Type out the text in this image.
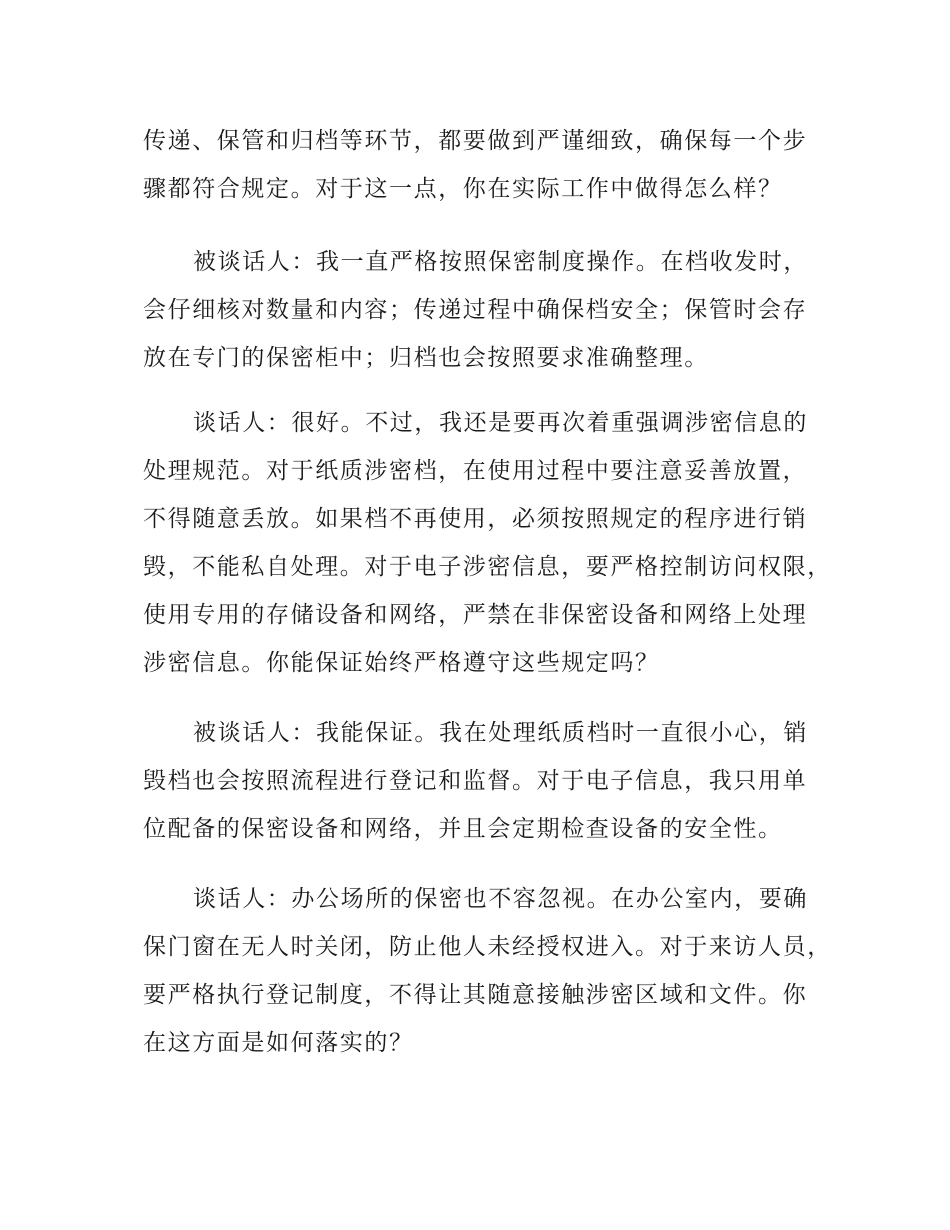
传递、保管和归档等环节，都要做到严谨细致，确保每一个步
骤都符合规定。对于这一点，你在实际工作中做得怎么样？
被谈话人：我一直严格按照保密制度操作。在档收发时，
会仔细核对数量和内容；传递过程中确保档安全；保管时会存
放在专门的保密柜中；归档也会按照要求准确整理。
谈话人：很好。不过，我还是要再次着重强调涉密信息的
处理规范。对于纸质涉密档，在使用过程中要注意妥善放置，
不得随意丢放。如果档不再使用，必须按照规定的程序进行销
毁，不能私自处理。对于电子涉密信息，要严格控制访问权限，
使用专用的存储设备和网络，严禁在非保密设备和网络上处理
涉密信息。你能保证始终严格遵守这些规定吗？
被谈话人：我能保证。我在处理纸质档时一直很小心，销
毁档也会按照流程进行登记和监督。对于电子信息，我只用单
位配备的保密设备和网络，并且会定期检查设备的安全性。
谈话人：办公场所的保密也不容忽视。在办公室内，要确
保门窗在无人时关闭，防止他人未经授权进入。对于来访人员，
要严格执行登记制度，不得让其随意接触涉密区域和文件。你
在这方面是如何落实的？
